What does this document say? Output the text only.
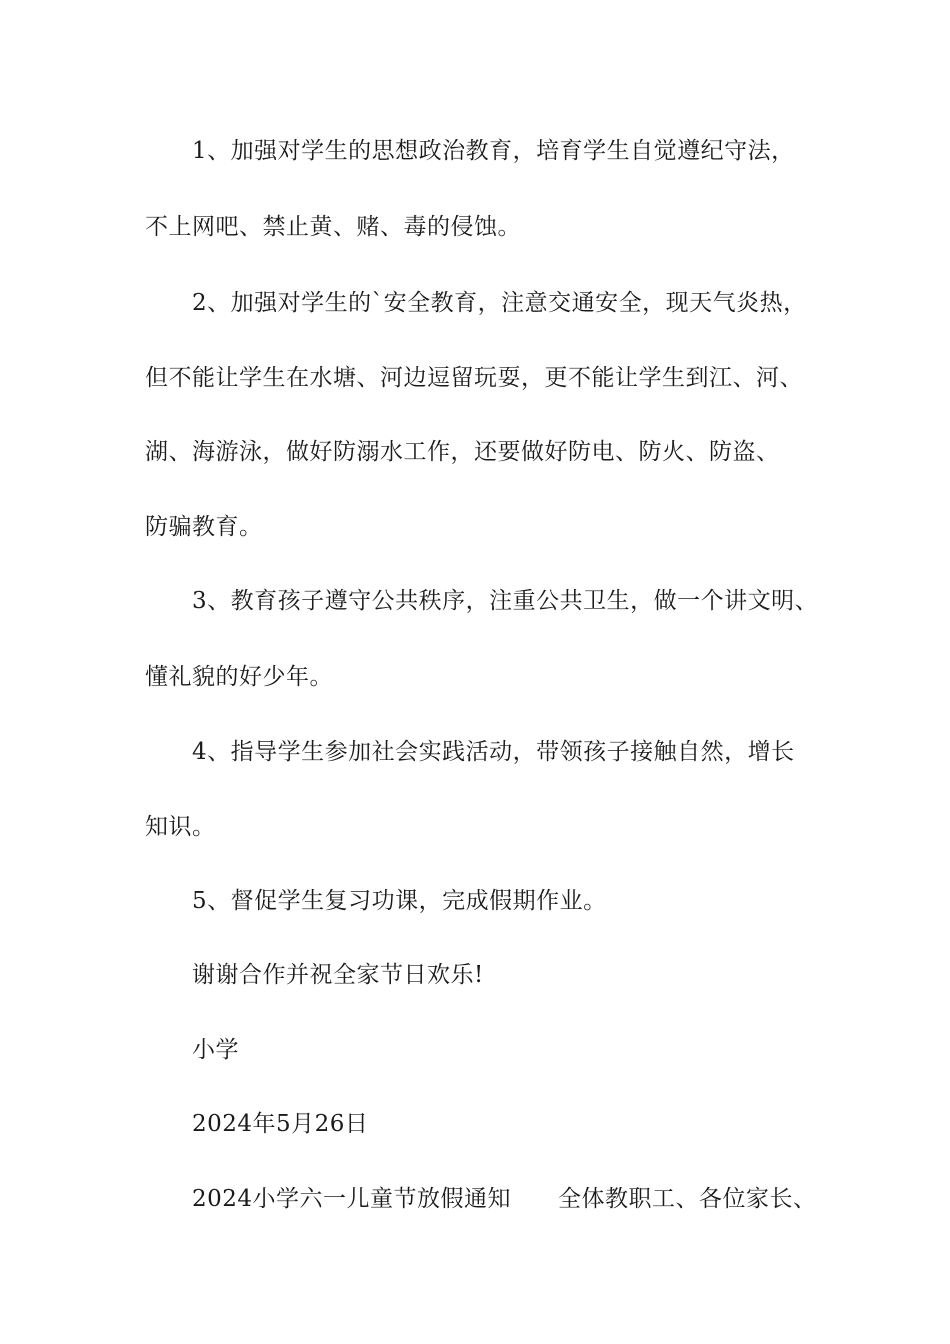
1、加强对学生的思想政治教育，培育学生自觉遵纪守法，
不上网吧、禁止黄、赌、毒的侵蚀。
2、加强对学生的`安全教育，注意交通安全，现天气炎热，
但不能让学生在水塘、河边逗留玩耍，更不能让学生到江、河、
湖、海游泳，做好防溺水工作，还要做好防电、防火、防盗、
防骗教育。
3、教育孩子遵守公共秩序，注重公共卫生，做一个讲文明、
懂礼貌的好少年。
4、指导学生参加社会实践活动，带领孩子接触自然，增长
知识。
5、督促学生复习功课，完成假期作业。
谢谢合作并祝全家节日欢乐!
小学
2024年5月26日
2024小学六一儿童节放假通知　　全体教职工、各位家长、
